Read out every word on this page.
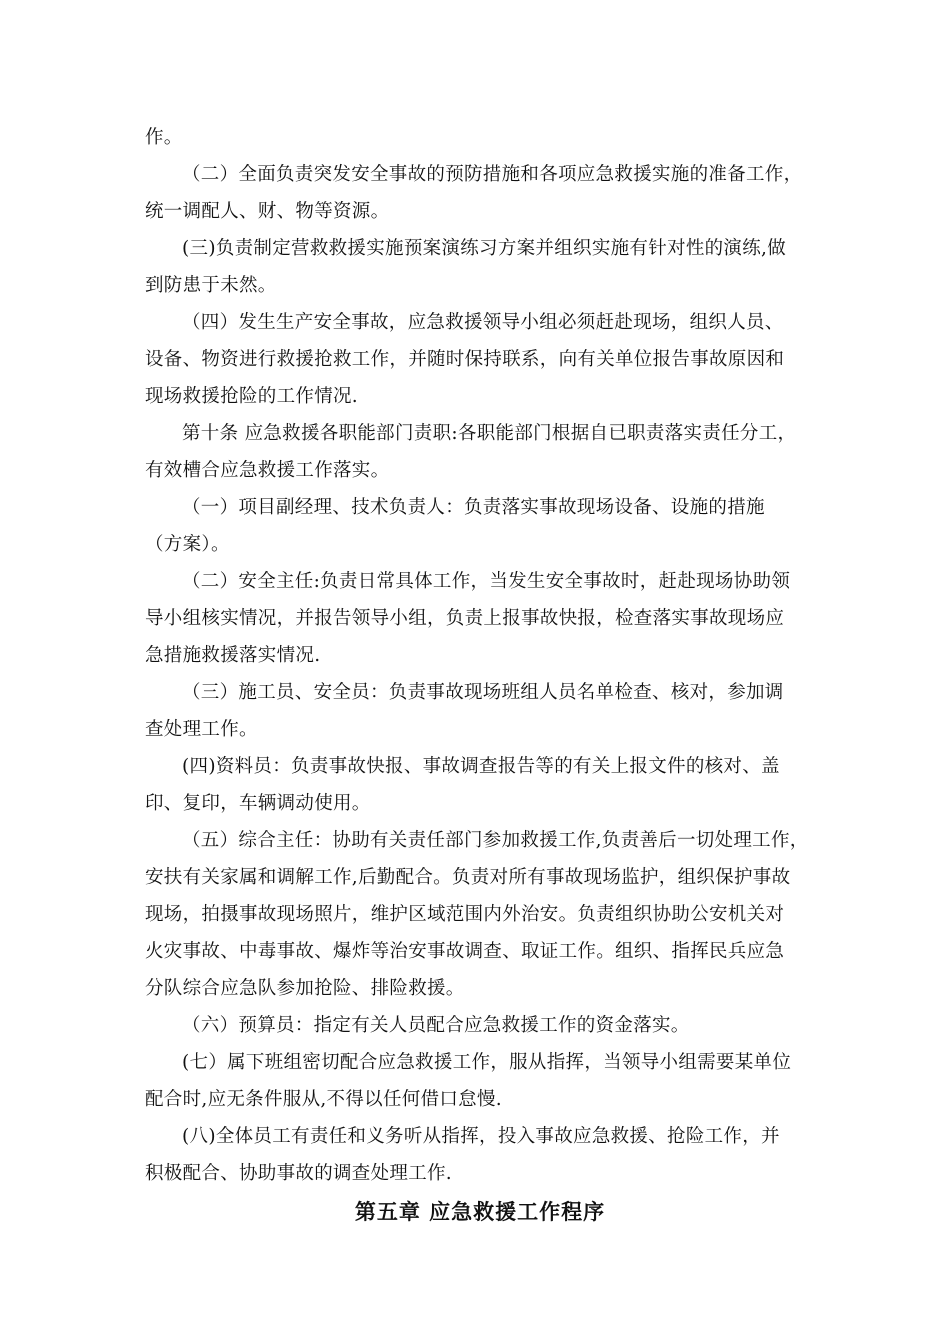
作。
（二）全面负责突发安全事故的预防措施和各项应急救援实施的准备工作，
统一调配人、财、物等资源。
(三)负责制定营救救援实施预案演练习方案并组织实施有针对性的演练,做
到防患于未然。
（四）发生生产安全事故，应急救援领导小组必须赶赴现场，组织人员、
设备、物资进行救援抢救工作，并随时保持联系，向有关单位报告事故原因和
现场救援抢险的工作情况.
第十条 应急救援各职能部门责职:各职能部门根据自已职责落实责任分工，
有效槽合应急救援工作落实。
（一）项目副经理、技术负责人：负责落实事故现场设备、设施的措施
（方案）。
（二）安全主任:负责日常具体工作，当发生安全事故时，赶赴现场协助领
导小组核实情况，并报告领导小组，负责上报事故快报，检查落实事故现场应
急措施救援落实情况.
（三）施工员、安全员：负责事故现场班组人员名单检查、核对，参加调
查处理工作。
(四)资料员：负责事故快报、事故调查报告等的有关上报文件的核对、盖
印、复印，车辆调动使用。
（五）综合主任：协助有关责任部门参加救援工作,负责善后一切处理工作，
安扶有关家属和调解工作,后勤配合。负责对所有事故现场监护，组织保护事故
现场，拍摄事故现场照片，维护区域范围内外治安。负责组织协助公安机关对
火灾事故、中毒事故、爆炸等治安事故调查、取证工作。组织、指挥民兵应急
分队综合应急队参加抢险、排险救援。
（六）预算员：指定有关人员配合应急救援工作的资金落实。
(七）属下班组密切配合应急救援工作，服从指挥，当领导小组需要某单位
配合时,应无条件服从,不得以任何借口怠慢.
(八)全体员工有责任和义务听从指挥，投入事故应急救援、抢险工作，并
积极配合、协助事故的调查处理工作.
第五章 应急救援工作程序
